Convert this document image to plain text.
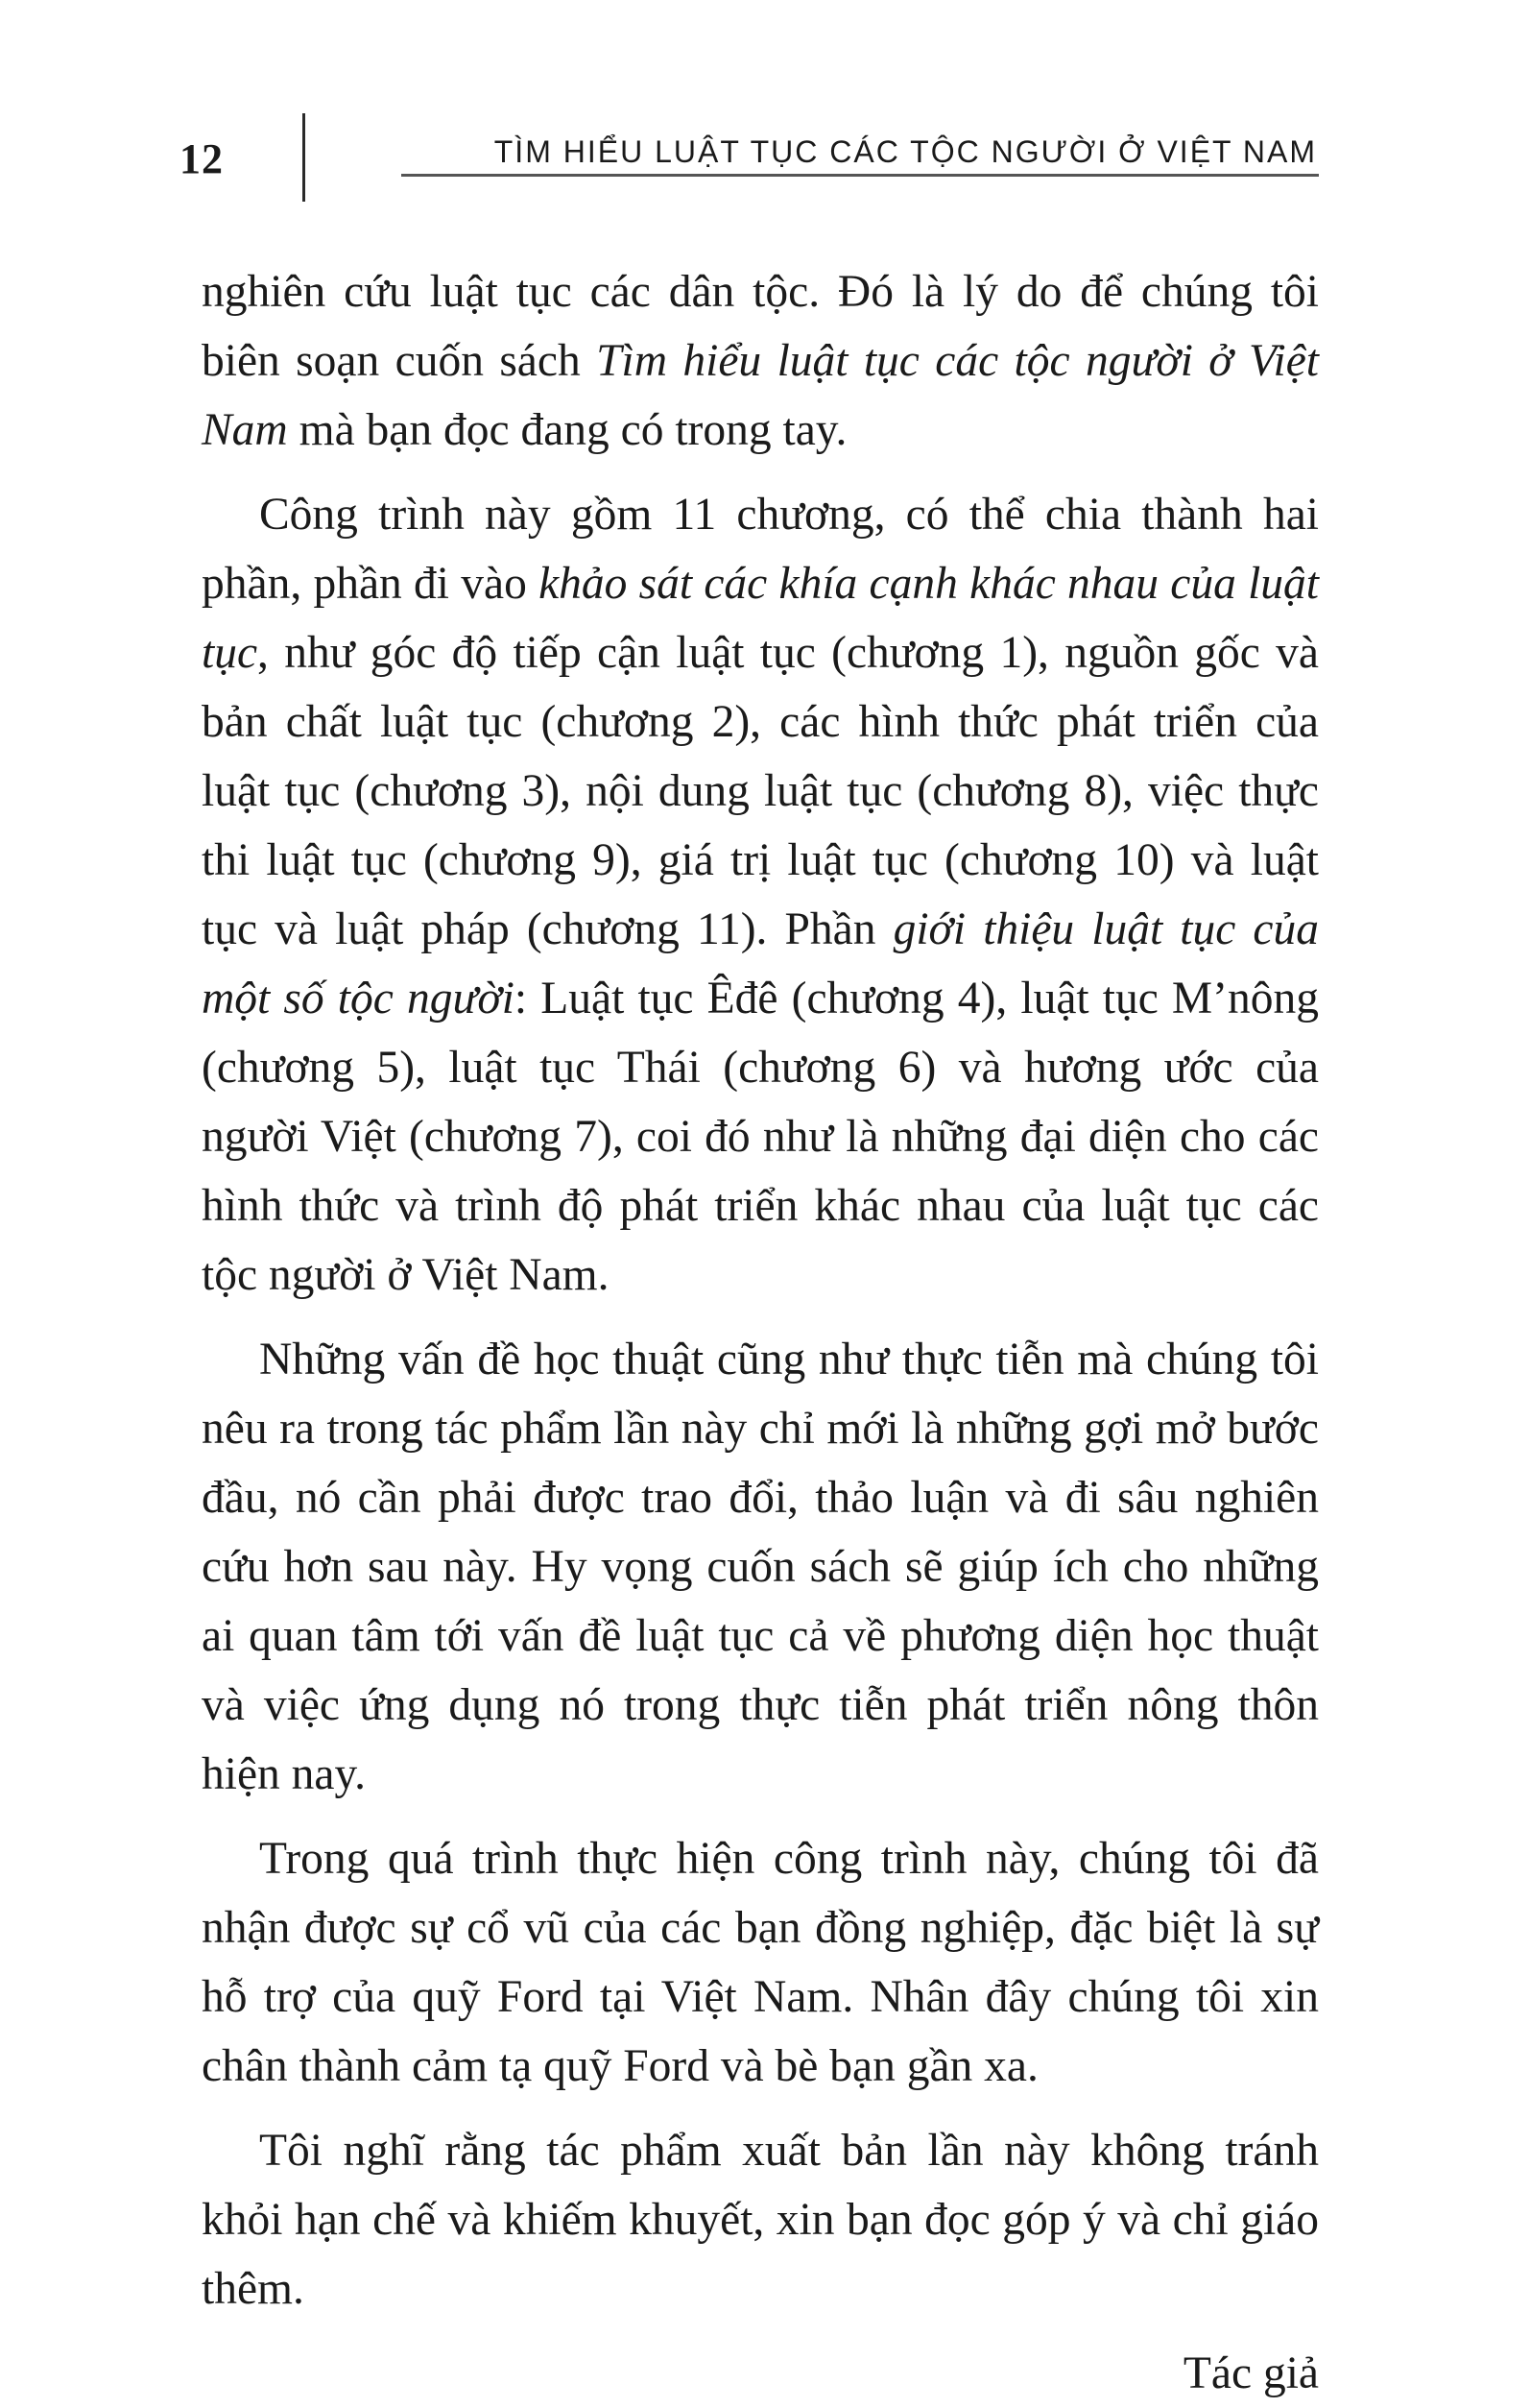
12	TÌM HIỂU LUẬT TỤC CÁC TỘC NGƯỜI Ở VIỆT NAM

nghiên cứu luật tục các dân tộc. Đó là lý do để chúng tôi biên soạn cuốn sách Tìm hiểu luật tục các tộc người ở Việt Nam mà bạn đọc đang có trong tay.

Công trình này gồm 11 chương, có thể chia thành hai phần, phần đi vào khảo sát các khía cạnh khác nhau của luật tục, như góc độ tiếp cận luật tục (chương 1), nguồn gốc và bản chất luật tục (chương 2), các hình thức phát triển của luật tục (chương 3), nội dung luật tục (chương 8), việc thực thi luật tục (chương 9), giá trị luật tục (chương 10) và luật tục và luật pháp (chương 11). Phần giới thiệu luật tục của một số tộc người: Luật tục Êđê (chương 4), luật tục M’nông (chương 5), luật tục Thái (chương 6) và hương ước của người Việt (chương 7), coi đó như là những đại diện cho các hình thức và trình độ phát triển khác nhau của luật tục các tộc người ở Việt Nam.

Những vấn đề học thuật cũng như thực tiễn mà chúng tôi nêu ra trong tác phẩm lần này chỉ mới là những gợi mở bước đầu, nó cần phải được trao đổi, thảo luận và đi sâu nghiên cứu hơn sau này. Hy vọng cuốn sách sẽ giúp ích cho những ai quan tâm tới vấn đề luật tục cả về phương diện học thuật và việc ứng dụng nó trong thực tiễn phát triển nông thôn hiện nay.

Trong quá trình thực hiện công trình này, chúng tôi đã nhận được sự cổ vũ của các bạn đồng nghiệp, đặc biệt là sự hỗ trợ của quỹ Ford tại Việt Nam. Nhân đây chúng tôi xin chân thành cảm tạ quỹ Ford và bè bạn gần xa.

Tôi nghĩ rằng tác phẩm xuất bản lần này không tránh khỏi hạn chế và khiếm khuyết, xin bạn đọc góp ý và chỉ giáo thêm.

Tác giả
